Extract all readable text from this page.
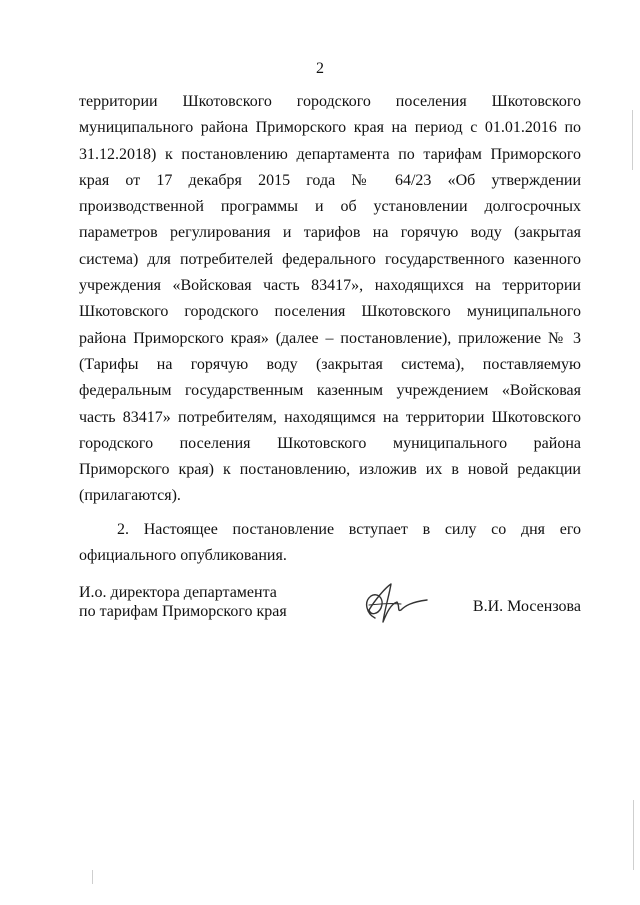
2

территории Шкотовского городского поселения Шкотовского муниципального района Приморского края на период с 01.01.2016 по 31.12.2018) к постановлению департамента по тарифам Приморского края от 17 декабря 2015 года № 64/23 «Об утверждении производственной программы и об установлении долгосрочных параметров регулирования и тарифов на горячую воду (закрытая система) для потребителей федерального государственного казенного учреждения «Войсковая часть 83417», находящихся на территории Шкотовского городского поселения Шкотовского муниципального района Приморского края» (далее – постановление), приложение № 3 (Тарифы на горячую воду (закрытая система), поставляемую федеральным государственным казенным учреждением «Войсковая часть 83417» потребителям, находящимся на территории Шкотовского городского поселения Шкотовского муниципального района Приморского края) к постановлению, изложив их в новой редакции (прилагаются).

2. Настоящее постановление вступает в силу со дня его официального опубликования.

И.о. директора департамента
по тарифам Приморского края	В.И. Мосензова
